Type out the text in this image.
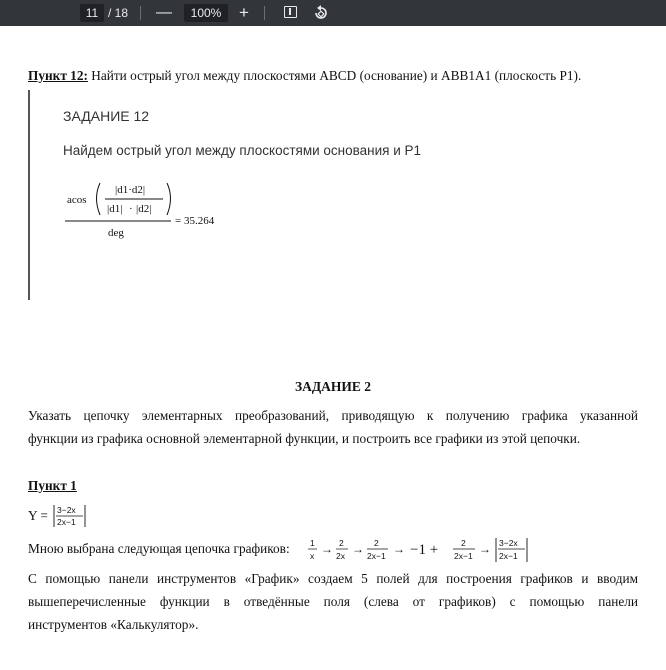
11 / 18 —	100%	+
Пункт 12: Найти острый угол между плоскостями ABCD (основание) и ABB1A1 (плоскость P1).
ЗАДАНИЕ 12
Найдем острый угол между плоскостями основания и P1
acos
|d1·d2|
|d1| · |d2|
deg
= 35.264
ЗАДАНИЕ 2
Указать цепочку элементарных преобразований, приводящую к получению графика указанной
функции из графика основной элементарной функции, и построить все графики из этой цепочки.
Пункт 1
Y = 3−2x
2x−1
Мною выбрана следующая цепочка графиков: 1
x → 2
2x → 2
2x−1 → −1 +	2
2x−1 → 3−2x
2x−1
С помощью панели инструментов «График» создаем 5 полей для построения графиков и вводим
вышеперечисленные функции в отведённые поля (слева от графиков) с помощью панели
инструментов «Калькулятор».
